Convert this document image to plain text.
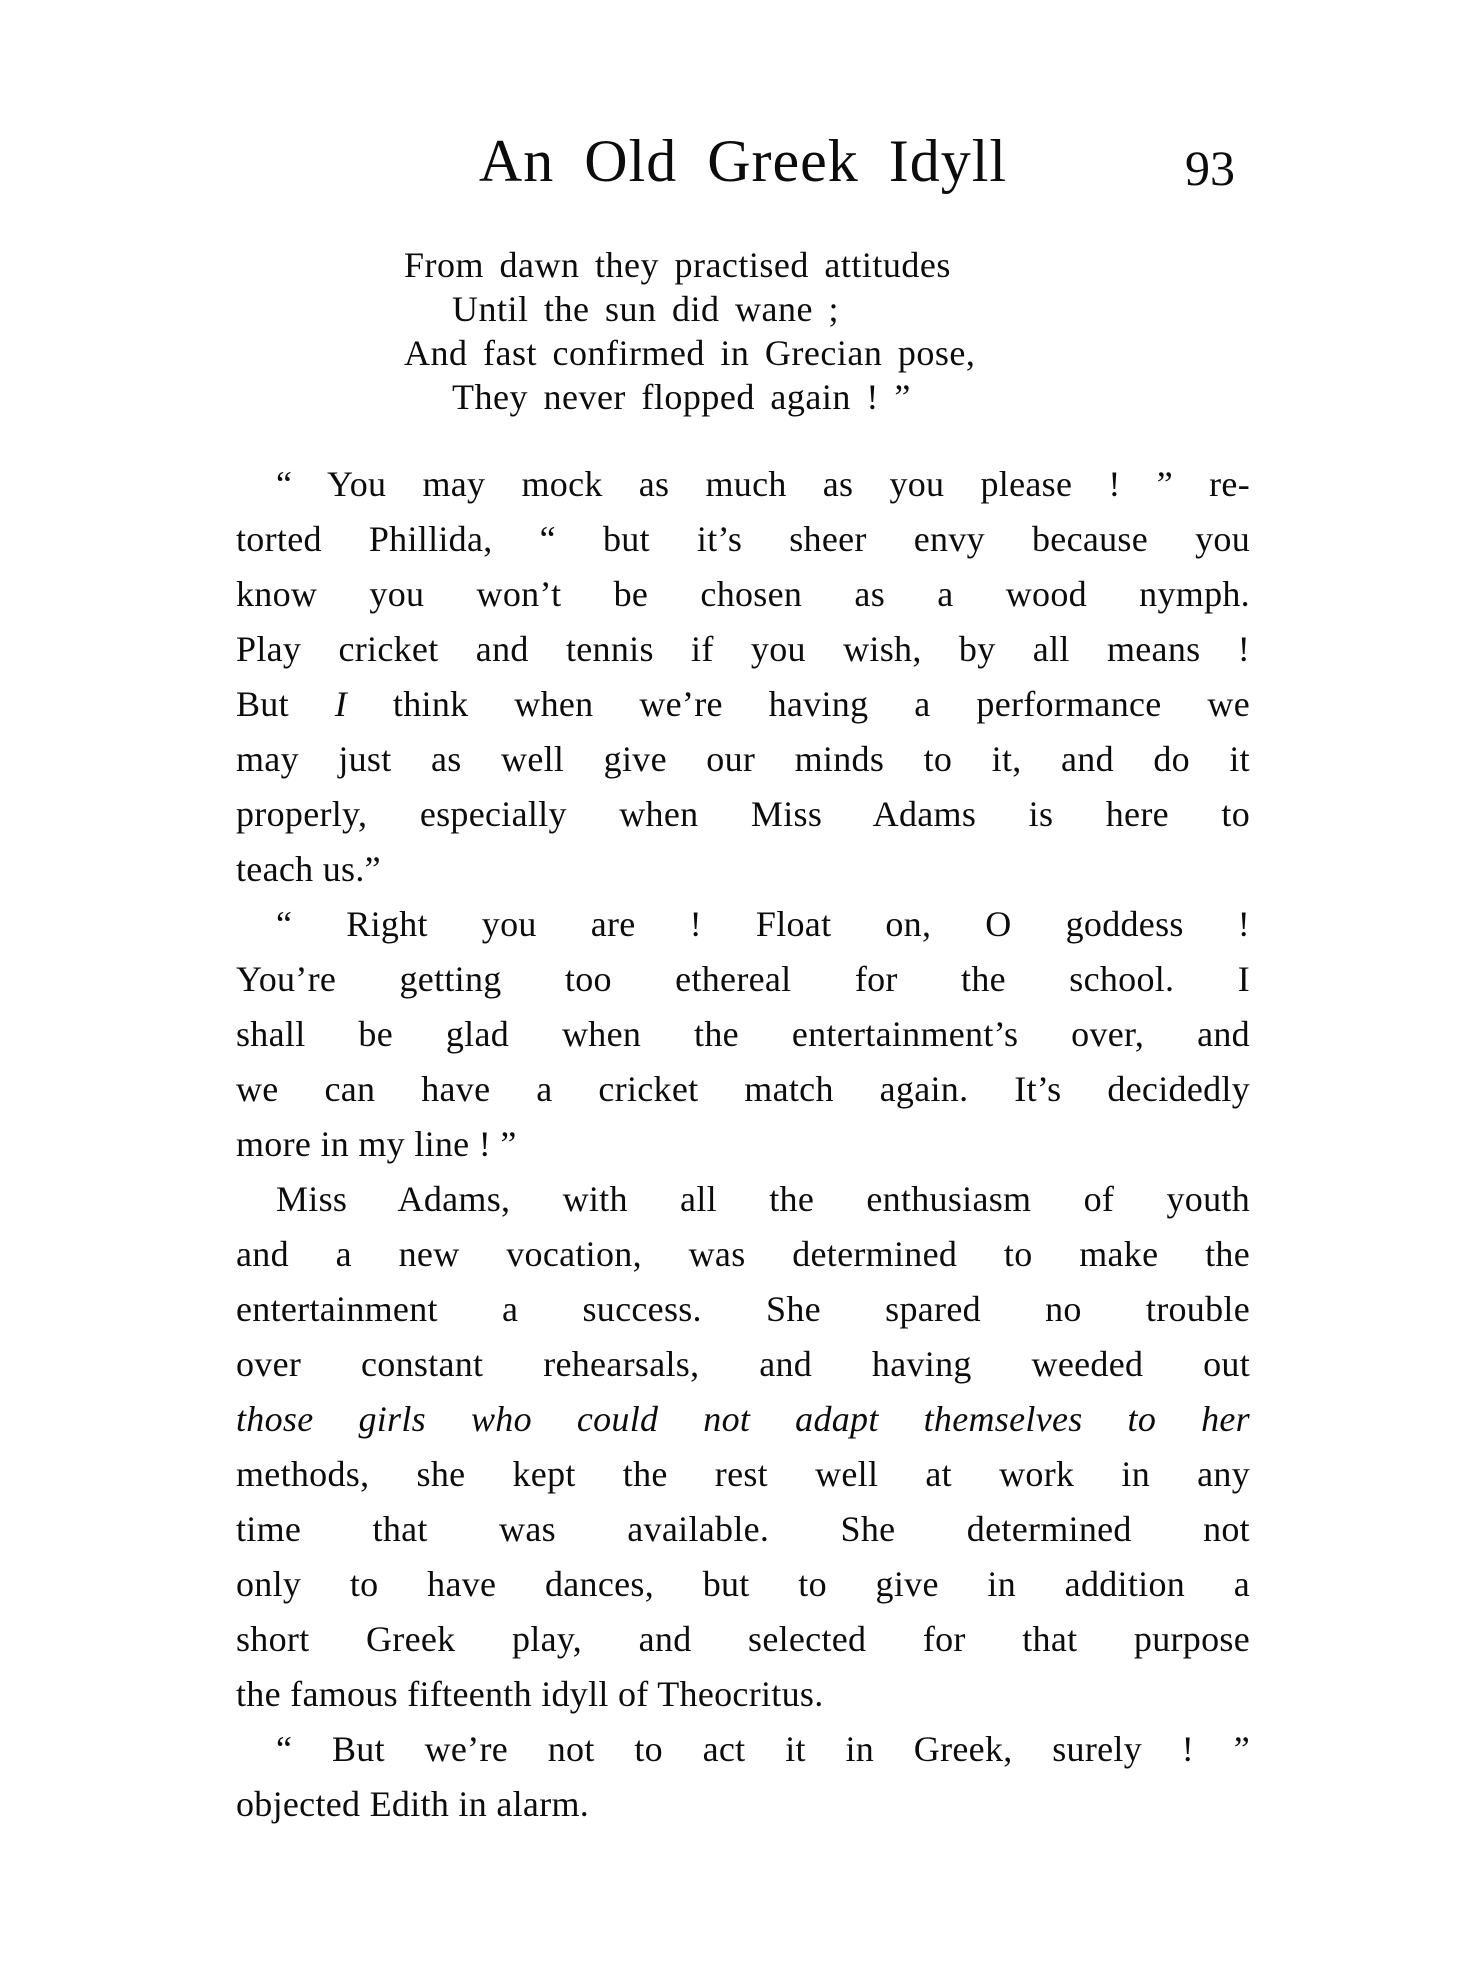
An Old Greek Idyll	93
From dawn they practised attitudes
Until the sun did wane ;
And fast confirmed in Grecian pose,
They never flopped again ! ”
“ You may mock as much as you please ! ” re-
torted Phillida, “ but it’s sheer envy because you
know you won’t be chosen as a wood nymph.
Play cricket and tennis if you wish, by all means !
But I think when we’re having a performance we
may just as well give our minds to it, and do it
properly, especially when Miss Adams is here to
teach us.”
“ Right you are ! Float on, O goddess !
You’re getting too ethereal for the school. I
shall be glad when the entertainment’s over, and
we can have a cricket match again. It’s decidedly
more in my line ! ”
Miss Adams, with all the enthusiasm of youth
and a new vocation, was determined to make the
entertainment a success. She spared no trouble
over constant rehearsals, and having weeded out
those girls who could not adapt themselves to her
methods, she kept the rest well at work in any
time that was available. She determined not
only to have dances, but to give in addition a
short Greek play, and selected for that purpose
the famous fifteenth idyll of Theocritus.
“ But we’re not to act it in Greek, surely ! ”
objected Edith in alarm.
